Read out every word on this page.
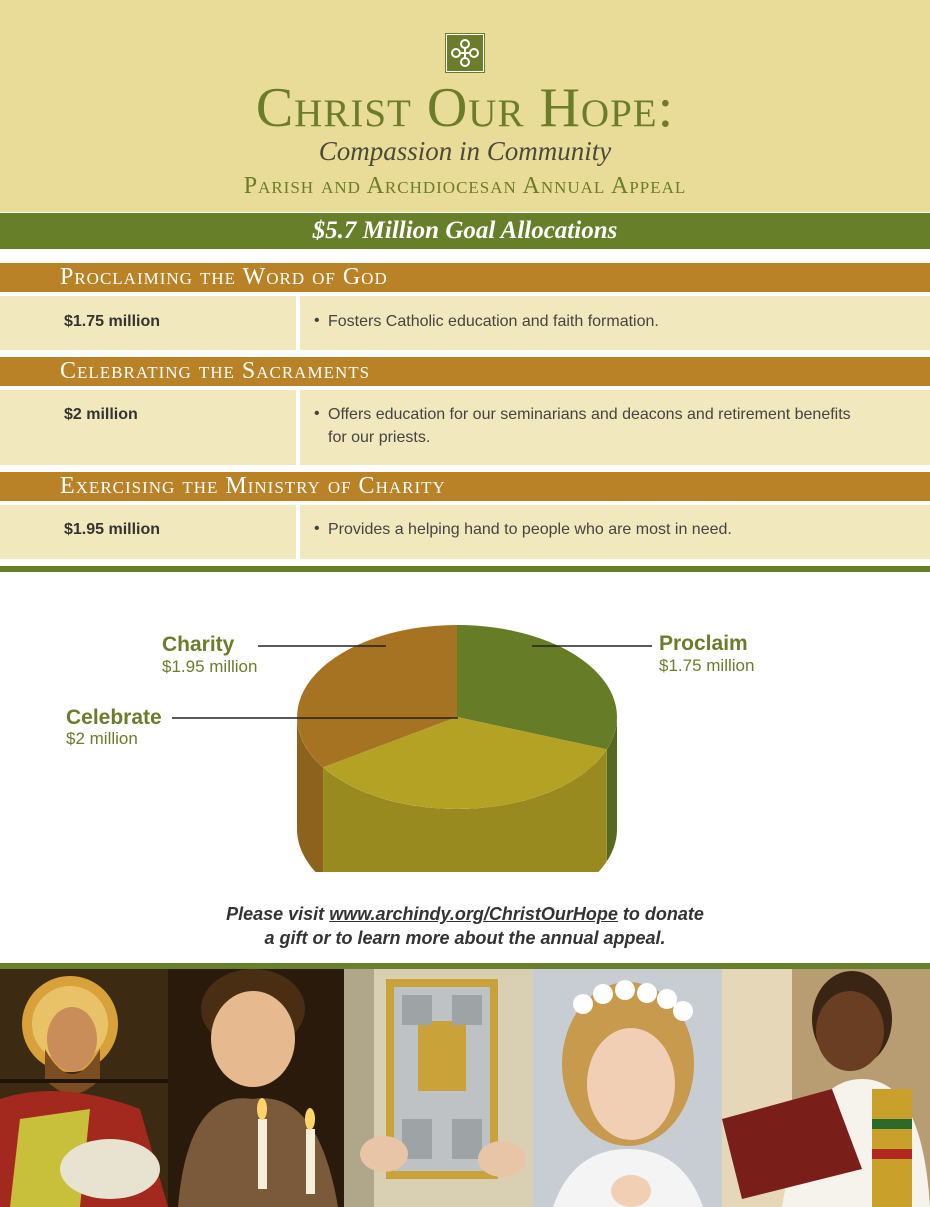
Christ Our Hope:
Compassion in Community
Parish and Archdiocesan Annual Appeal
$5.7 Million Goal Allocations
Proclaiming the Word of God
$1.75 million	• Fosters Catholic education and faith formation.
Celebrating the Sacraments
$2 million	• Offers education for our seminarians and deacons and retirement benefits for our priests.
Exercising the Ministry of Charity
$1.95 million	• Provides a helping hand to people who are most in need.
Charity
$1.95 million
Proclaim
$1.75 million
Celebrate
$2 million
Please visit www.archindy.org/ChristOurHope to donate
a gift or to learn more about the annual appeal.
